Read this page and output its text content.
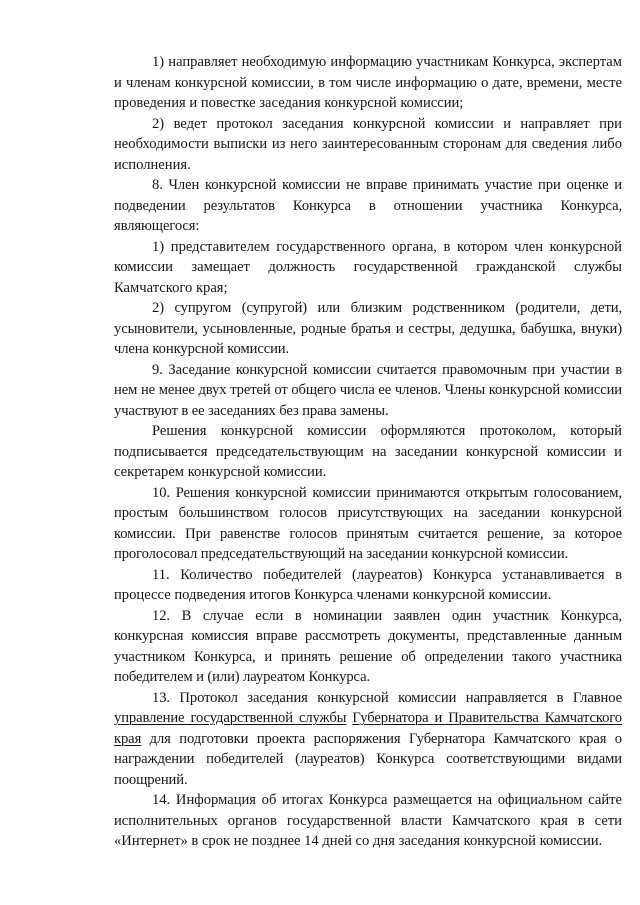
1) направляет необходимую информацию участникам Конкурса, экспертам и членам конкурсной комиссии, в том числе информацию о дате, времени, месте проведения и повестке заседания конкурсной комиссии;

2) ведет протокол заседания конкурсной комиссии и направляет при необходимости выписки из него заинтересованным сторонам для сведения либо исполнения.

8. Член конкурсной комиссии не вправе принимать участие при оценке и подведении результатов Конкурса в отношении участника Конкурса, являющегося:

1) представителем государственного органа, в котором член конкурсной комиссии замещает должность государственной гражданской службы Камчатского края;

2) супругом (супругой) или близким родственником (родители, дети, усыновители, усыновленные, родные братья и сестры, дедушка, бабушка, внуки) члена конкурсной комиссии.

9. Заседание конкурсной комиссии считается правомочным при участии в нем не менее двух третей от общего числа ее членов. Члены конкурсной комиссии участвуют в ее заседаниях без права замены.

Решения конкурсной комиссии оформляются протоколом, который подписывается председательствующим на заседании конкурсной комиссии и секретарем конкурсной комиссии.

10. Решения конкурсной комиссии принимаются открытым голосованием, простым большинством голосов присутствующих на заседании конкурсной комиссии. При равенстве голосов принятым считается решение, за которое проголосовал председательствующий на заседании конкурсной комиссии.

11. Количество победителей (лауреатов) Конкурса устанавливается в процессе подведения итогов Конкурса членами конкурсной комиссии.

12. В случае если в номинации заявлен один участник Конкурса, конкурсная комиссия вправе рассмотреть документы, представленные данным участником Конкурса, и принять решение об определении такого участника победителем и (или) лауреатом Конкурса.

13. Протокол заседания конкурсной комиссии направляется в Главное управление государственной службы Губернатора и Правительства Камчатского края для подготовки проекта распоряжения Губернатора Камчатского края о награждении победителей (лауреатов) Конкурса соответствующими видами поощрений.

14. Информация об итогах Конкурса размещается на официальном сайте исполнительных органов государственной власти Камчатского края в сети «Интернет» в срок не позднее 14 дней со дня заседания конкурсной комиссии.
